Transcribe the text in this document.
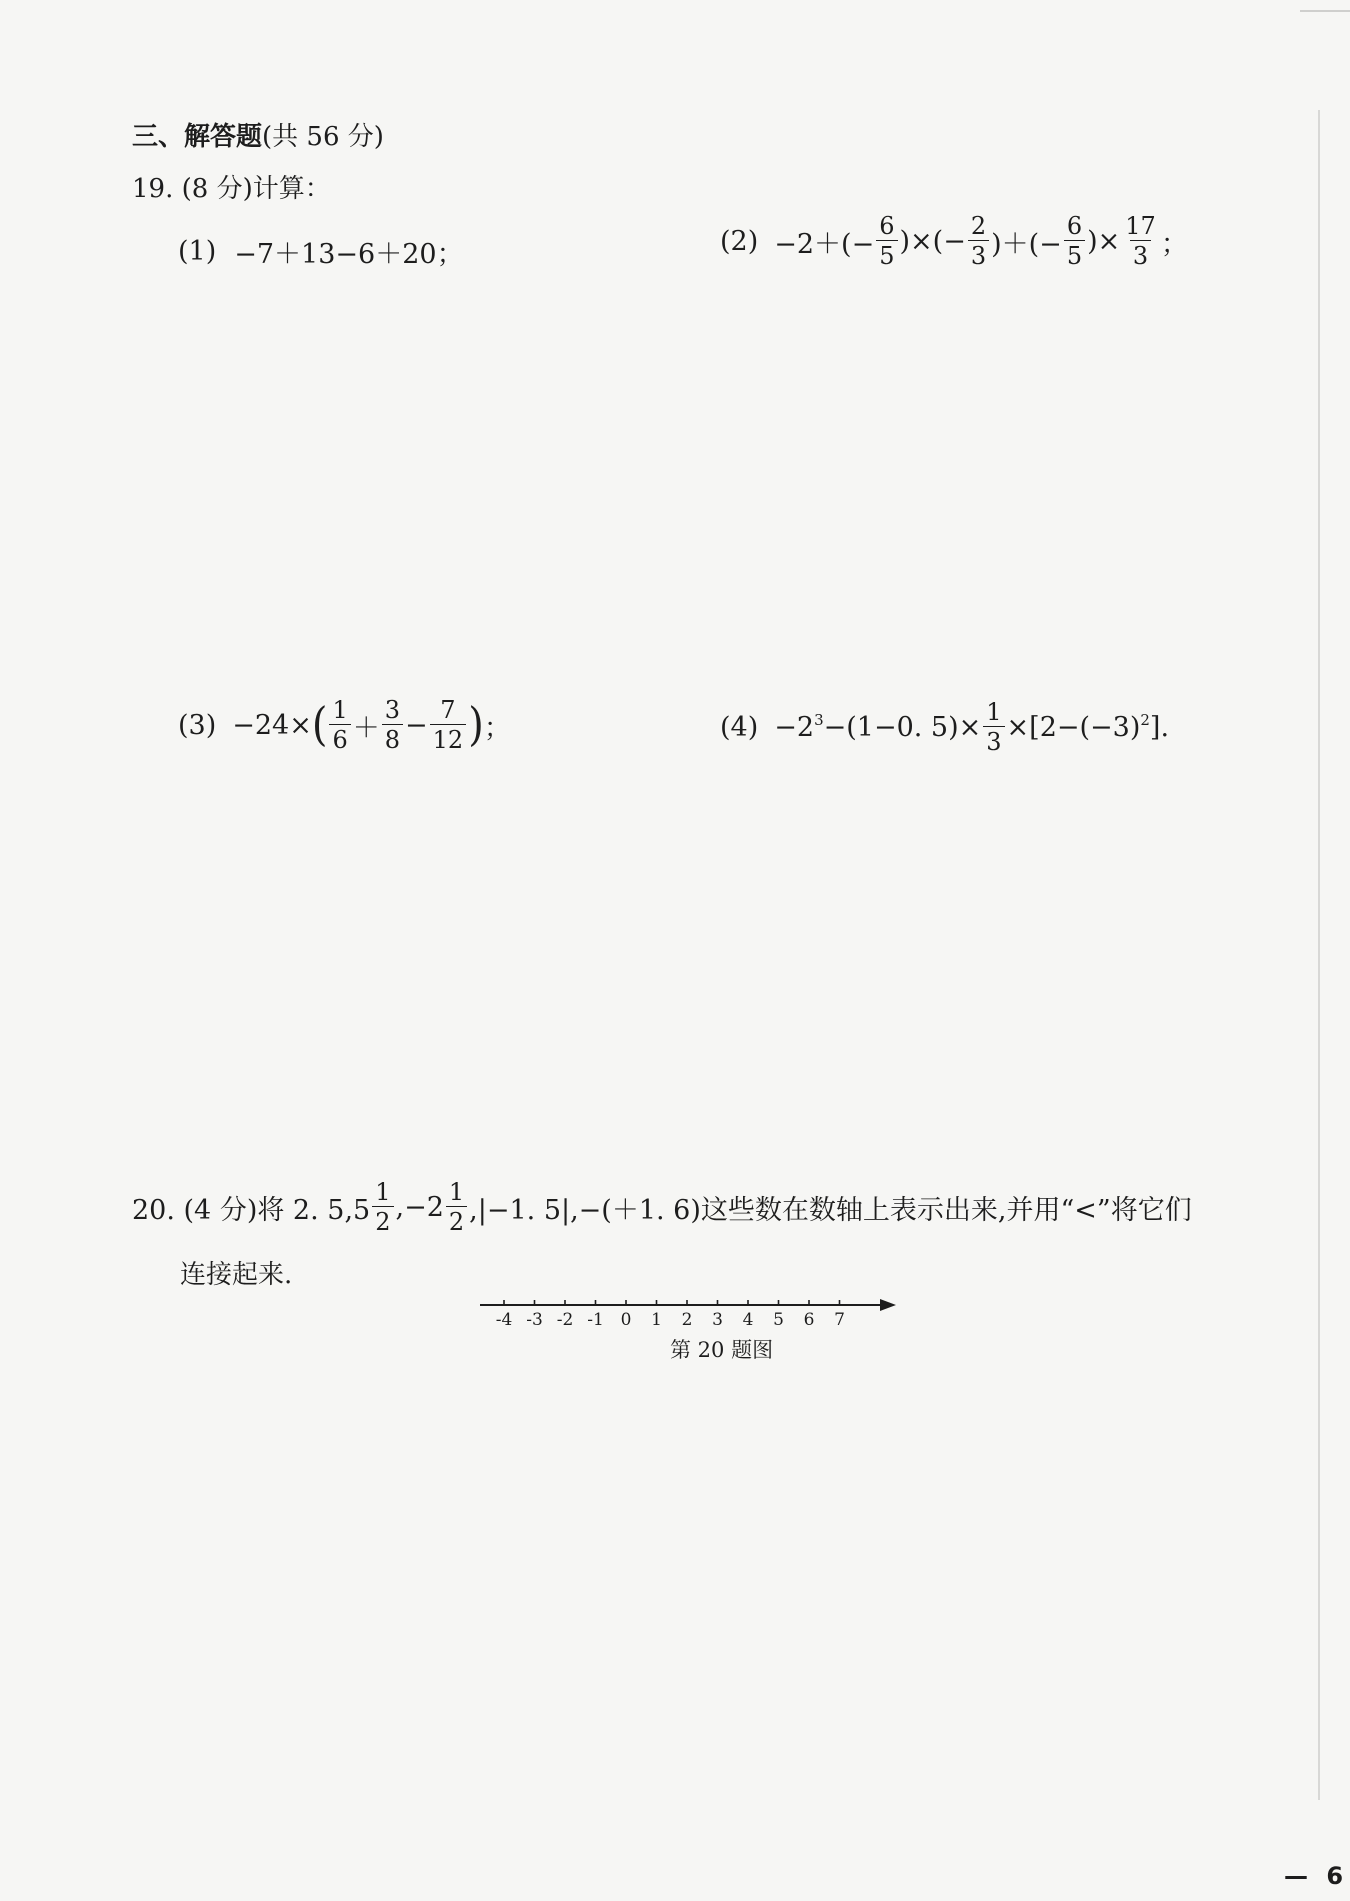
三、解答题(共 56 分)
19. (8 分)计算：
(1) −7＋13−6＋20；	$(2) -2+(- \frac{6}{5}$ )×(− $\frac{2}{3}$ )＋(− $\frac{6}{5}$ )× $\frac{17}{3}$ ；
(3) −24× ( $\frac{1}{6} + \frac{3}{8} - \frac{7}{12}$ ) ；	$(4) -2^3 -(1-0$. $5)\times \frac{1}{3} \times[2-(-3)^2$ ].
20. (4 分)将 2. $5,5 \frac{1}{2} ,-2 \frac{1}{2} ,|-1$. 5|,−(＋1. 6)这些数在数轴上表示出来,并用“<”将它们
连接起来.
-4 -3 -2 -1 0 1 2 3 4 5 6 7
第 20 题图
— 6
